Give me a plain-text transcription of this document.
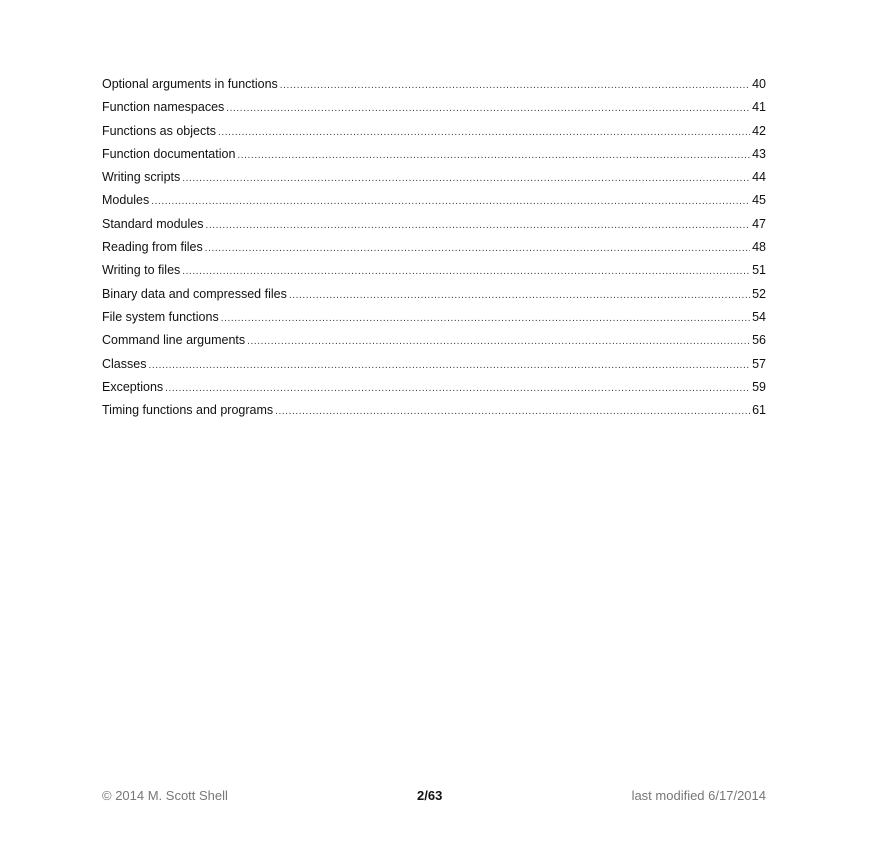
Optional arguments in functions .....	40
Function namespaces .....	41
Functions as objects .....	42
Function documentation .....	43
Writing scripts .....	44
Modules .....	45
Standard modules .....	47
Reading from files .....	48
Writing to files .....	51
Binary data and compressed files .....	52
File system functions .....	54
Command line arguments .....	56
Classes .....	57
Exceptions .....	59
Timing functions and programs .....	61
© 2014 M. Scott Shell	2/63	last modified 6/17/2014
